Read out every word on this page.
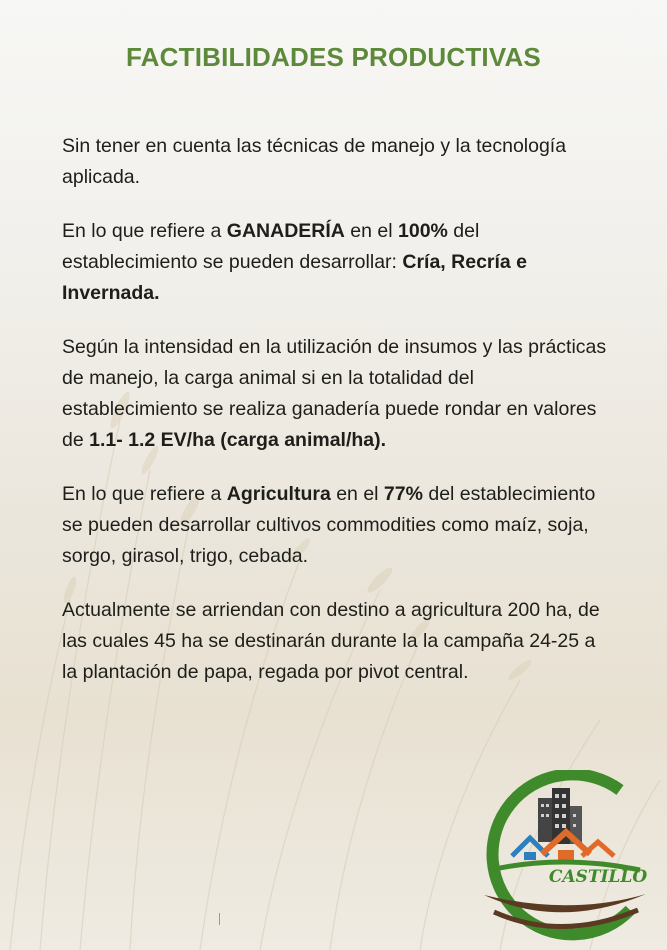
FACTIBILIDADES PRODUCTIVAS

Sin tener en cuenta las técnicas de manejo y la tecnología aplicada.

En lo que refiere a GANADERÍA en el 100% del establecimiento se pueden desarrollar: Cría, Recría e Invernada.

Según la intensidad en la utilización de insumos y las prácticas de manejo, la carga animal si en la totalidad del establecimiento se realiza ganadería puede rondar en valores de 1.1- 1.2 EV/ha (carga animal/ha).

En lo que refiere a Agricultura en el 77% del establecimiento se pueden desarrollar cultivos commodities como maíz, soja, sorgo, girasol, trigo, cebada.

Actualmente se arriendan con destino a agricultura 200 ha, de las cuales 45 ha se destinarán durante la la campaña 24-25 a la plantación de papa, regada por pivot central.

CASTILLO
